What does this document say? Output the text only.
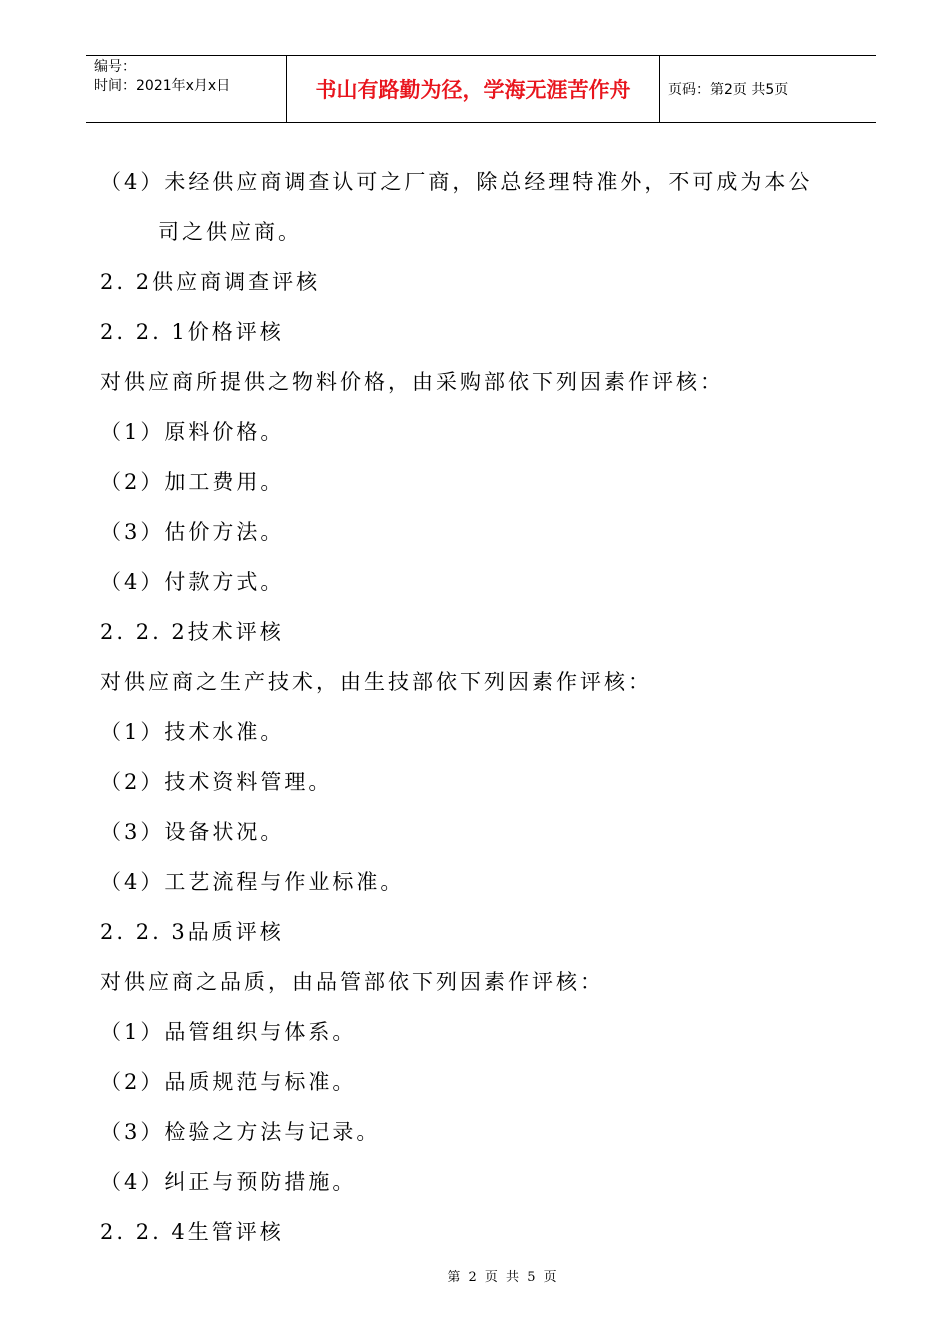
编号：
时间：2021年x月x日	书山有路勤为径，学海无涯苦作舟	页码：第2页 共5页
（4）未经供应商调查认可之厂商，除总经理特准外，不可成为本公
司之供应商。
2. 2供应商调查评核
2. 2. 1价格评核
对供应商所提供之物料价格，由采购部依下列因素作评核：
（1）原料价格。
（2）加工费用。
（3）估价方法。
（4）付款方式。
2. 2. 2技术评核
对供应商之生产技术，由生技部依下列因素作评核：
（1）技术水准。
（2）技术资料管理。
（3）设备状况。
（4）工艺流程与作业标准。
2. 2. 3品质评核
对供应商之品质，由品管部依下列因素作评核：
（1）品管组织与体系。
（2）品质规范与标准。
（3）检验之方法与记录。
（4）纠正与预防措施。
2. 2. 4生管评核
第 2 页 共 5 页
